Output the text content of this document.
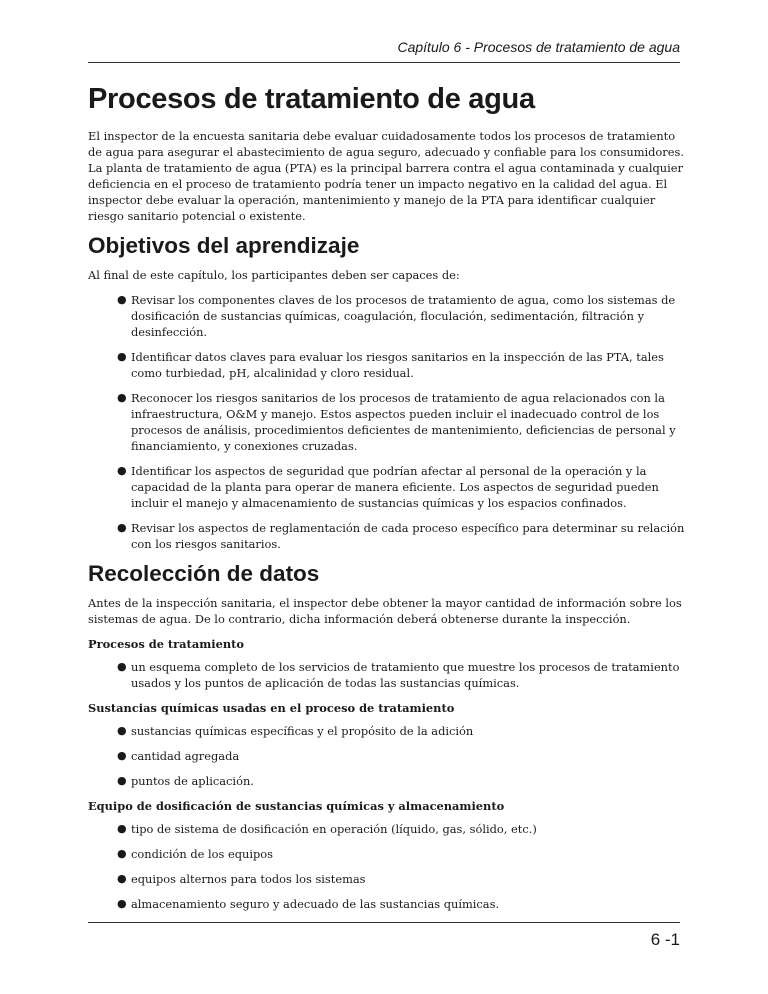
Capítulo 6 - Procesos de tratamiento de agua
Procesos de tratamiento de agua

El inspector de la encuesta sanitaria debe evaluar cuidadosamente todos los procesos de tratamiento de agua para asegurar el abastecimiento de agua seguro, adecuado y confiable para los consumidores. La planta de tratamiento de agua (PTA) es la principal barrera contra el agua contaminada y cualquier deficiencia en el proceso de tratamiento podría tener un impacto negativo en la calidad del agua. El inspector debe evaluar la operación, mantenimiento y manejo de la PTA para identificar cualquier riesgo sanitario potencial o existente.

Objetivos del aprendizaje

Al final de este capítulo, los participantes deben ser capaces de:

● Revisar los componentes claves de los procesos de tratamiento de agua, como los sistemas de dosificación de sustancias químicas, coagulación, floculación, sedimentación, filtración y desinfección.
● Identificar datos claves para evaluar los riesgos sanitarios en la inspección de las PTA, tales como turbiedad, pH, alcalinidad y cloro residual.
● Reconocer los riesgos sanitarios de los procesos de tratamiento de agua relacionados con la infraestructura, O&M y manejo. Estos aspectos pueden incluir el inadecuado control de los procesos de análisis, procedimientos deficientes de mantenimiento, deficiencias de personal y financiamiento, y conexiones cruzadas.
● Identificar los aspectos de seguridad que podrían afectar al personal de la operación y la capacidad de la planta para operar de manera eficiente. Los aspectos de seguridad pueden incluir el manejo y almacenamiento de sustancias químicas y los espacios confinados.
● Revisar los aspectos de reglamentación de cada proceso específico para determinar su relación con los riesgos sanitarios.
Recolección de datos

Antes de la inspección sanitaria, el inspector debe obtener la mayor cantidad de información sobre los sistemas de agua. De lo contrario, dicha información deberá obtenerse durante la inspección.

Procesos de tratamiento
● un esquema completo de los servicios de tratamiento que muestre los procesos de tratamiento usados y los puntos de aplicación de todas las sustancias químicas.
Sustancias químicas usadas en el proceso de tratamiento
● sustancias químicas específicas y el propósito de la adición
● cantidad agregada
● puntos de aplicación.
Equipo de dosificación de sustancias químicas y almacenamiento
● tipo de sistema de dosificación en operación (líquido, gas, sólido, etc.)
● condición de los equipos
● equipos alternos para todos los sistemas
● almacenamiento seguro y adecuado de las sustancias químicas.
6 -1
